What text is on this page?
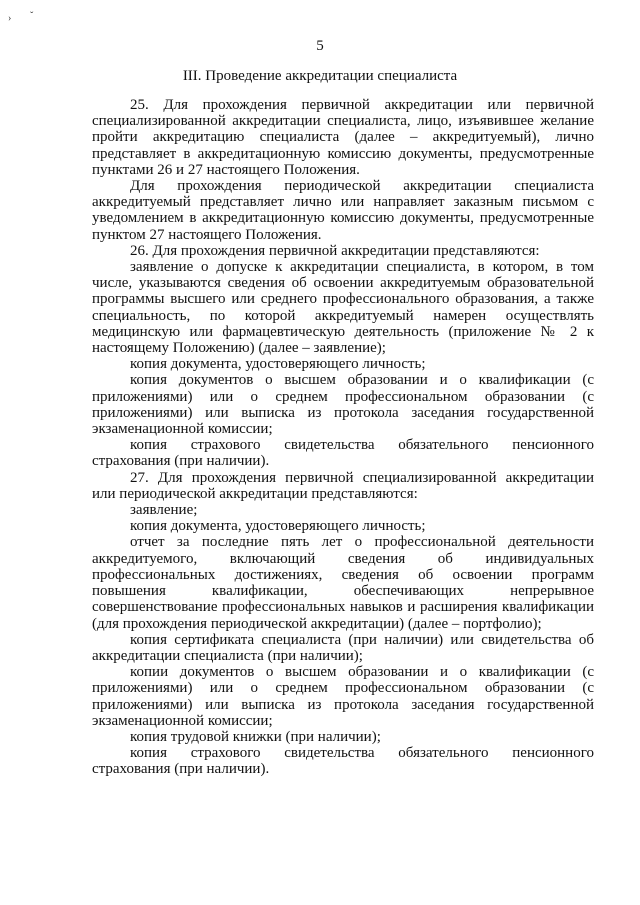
› ˇ
5
III. Проведение аккредитации специалиста

25. Для прохождения первичной аккредитации или первичной специализированной аккредитации специалиста, лицо, изъявившее желание пройти аккредитацию специалиста (далее – аккредитуемый), лично представляет в аккредитационную комиссию документы, предусмотренные пунктами 26 и 27 настоящего Положения.

Для прохождения периодической аккредитации специалиста аккредитуемый представляет лично или направляет заказным письмом с уведомлением в аккредитационную комиссию документы, предусмотренные пунктом 27 настоящего Положения.

26. Для прохождения первичной аккредитации представляются:

заявление о допуске к аккредитации специалиста, в котором, в том числе, указываются сведения об освоении аккредитуемым образовательной программы высшего или среднего профессионального образования, а также специальность, по которой аккредитуемый намерен осуществлять медицинскую или фармацевтическую деятельность (приложение № 2 к настоящему Положению) (далее – заявление);

копия документа, удостоверяющего личность;

копия документов о высшем образовании и о квалификации (с приложениями) или о среднем профессиональном образовании (с приложениями) или выписка из протокола заседания государственной экзаменационной комиссии;

копия страхового свидетельства обязательного пенсионного страхования (при наличии).

27. Для прохождения первичной специализированной аккредитации или периодической аккредитации представляются:

заявление;

копия документа, удостоверяющего личность;

отчет за последние пять лет о профессиональной деятельности аккредитуемого, включающий сведения об индивидуальных профессиональных достижениях, сведения об освоении программ повышения квалификации, обеспечивающих непрерывное совершенствование профессиональных навыков и расширения квалификации (для прохождения периодической аккредитации) (далее – портфолио);

копия сертификата специалиста (при наличии) или свидетельства об аккредитации специалиста (при наличии);

копии документов о высшем образовании и о квалификации (с приложениями) или о среднем профессиональном образовании (с приложениями) или выписка из протокола заседания государственной экзаменационной комиссии;

копия трудовой книжки (при наличии);

копия страхового свидетельства обязательного пенсионного страхования (при наличии).
